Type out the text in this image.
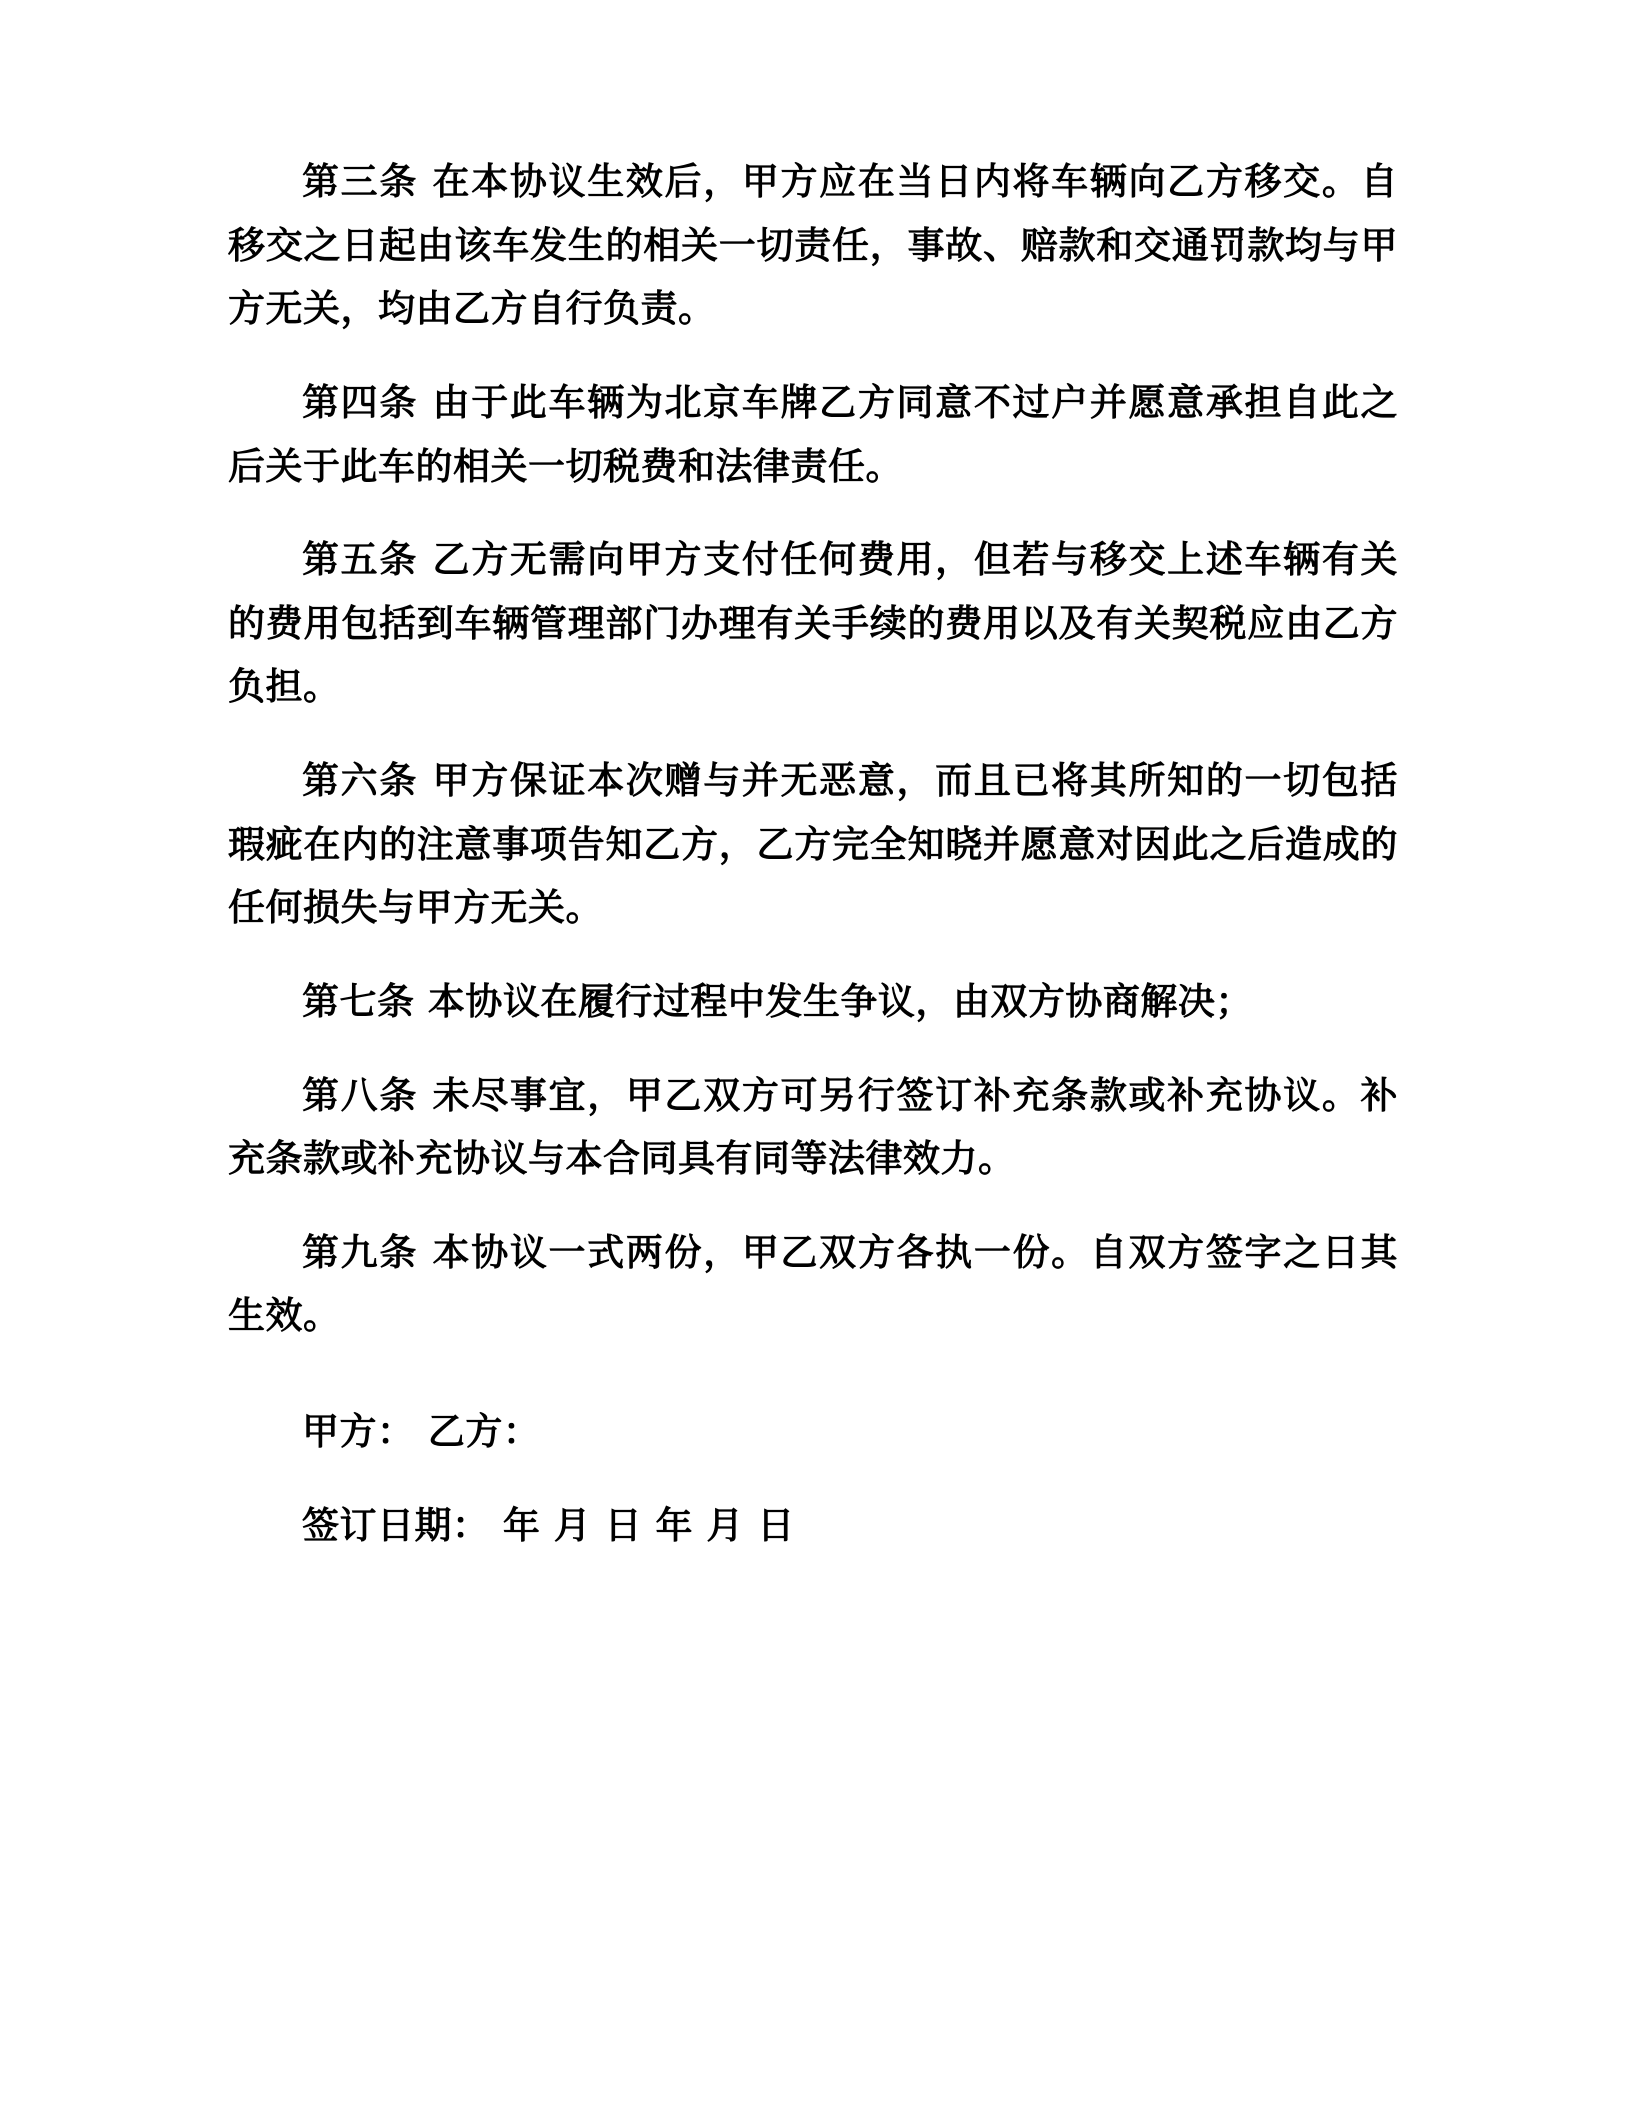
第三条 在本协议生效后，甲方应在当日内将车辆向乙方移交。自移交之日起由该车发生的相关一切责任，事故、赔款和交通罚款均与甲方无关，均由乙方自行负责。

第四条 由于此车辆为北京车牌乙方同意不过户并愿意承担自此之后关于此车的相关一切税费和法律责任。

第五条 乙方无需向甲方支付任何费用，但若与移交上述车辆有关的费用包括到车辆管理部门办理有关手续的费用以及有关契税应由乙方负担。

第六条 甲方保证本次赠与并无恶意，而且已将其所知的一切包括瑕疵在内的注意事项告知乙方，乙方完全知晓并愿意对因此之后造成的任何损失与甲方无关。

第七条 本协议在履行过程中发生争议，由双方协商解决；

第八条 未尽事宜，甲乙双方可另行签订补充条款或补充协议。补充条款或补充协议与本合同具有同等法律效力。

第九条 本协议一式两份，甲乙双方各执一份。自双方签字之日其生效。

甲方： 乙方：

签订日期： 年 月 日 年 月 日
